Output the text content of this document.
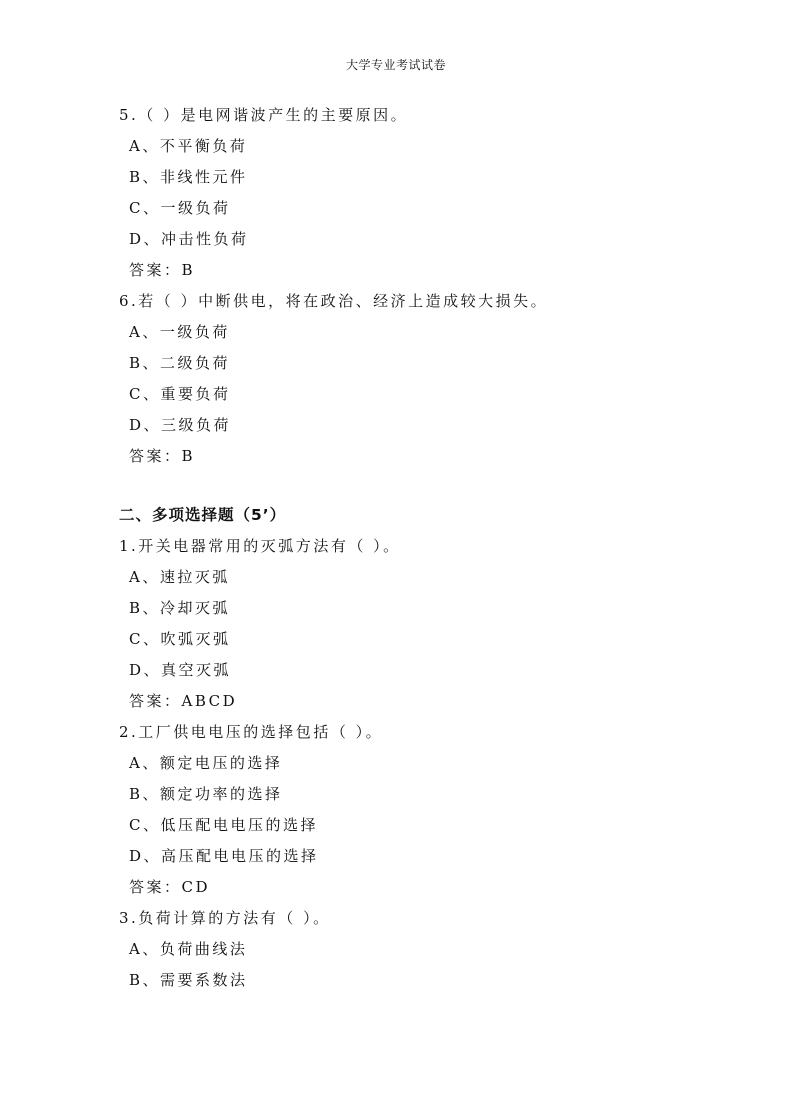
大学专业考试试卷
5.（ ）是电网谐波产生的主要原因。
A、不平衡负荷
B、非线性元件
C、一级负荷
D、冲击性负荷
答案：B
6.若（ ）中断供电，将在政治、经济上造成较大损失。
A、一级负荷
B、二级负荷
C、重要负荷
D、三级负荷
答案：B
二、多项选择题（5’）
1.开关电器常用的灭弧方法有（ ）。
A、速拉灭弧
B、冷却灭弧
C、吹弧灭弧
D、真空灭弧
答案：ABCD
2.工厂供电电压的选择包括（ ）。
A、额定电压的选择
B、额定功率的选择
C、低压配电电压的选择
D、高压配电电压的选择
答案：CD
3.负荷计算的方法有（ ）。
A、负荷曲线法
B、需要系数法
